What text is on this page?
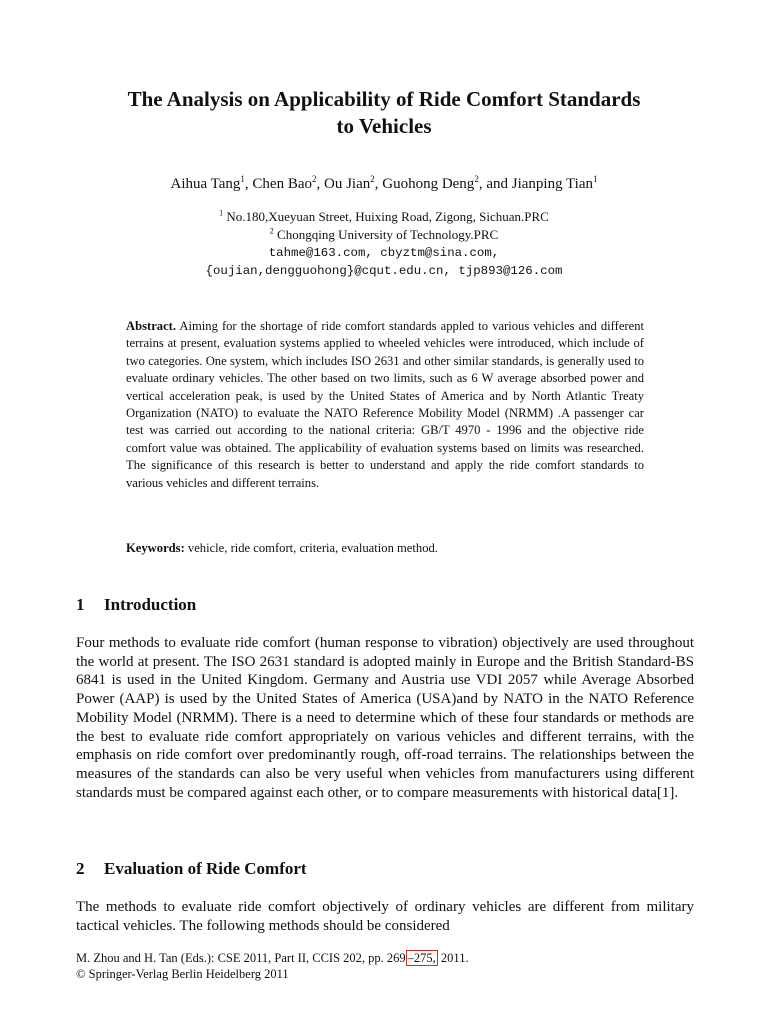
The Analysis on Applicability of Ride Comfort Standards
to Vehicles
Aihua Tang$^1$, Chen Bao$^2$, Ou Jian$^2$, Guohong Deng$^2$, and Jianping Tian$^1$
$^1$ No.180,Xueyuan Street, Huixing Road, Zigong, Sichuan.PRC
$^2$ Chongqing University of Technology.PRC
tahme@163.com, cbyztm@sina.com,
{oujian,dengguohong}@cqut.edu.cn, tjp893@126.com
Abstract. Aiming for the shortage of ride comfort standards appled to various vehicles and different terrains at present, evaluation systems applied to wheeled vehicles were introduced, which include of two categories. One system, which includes ISO 2631 and other similar standards, is generally used to evaluate ordinary vehicles. The other based on two limits, such as 6 W average absorbed power and vertical acceleration peak, is used by the United States of America and by North Atlantic Treaty Organization (NATO) to evaluate the NATO Reference Mobility Model (NRMM) .A passenger car test was carried out according to the national criteria: GB/T 4970 - 1996 and the objective ride comfort value was obtained. The applicability of evaluation systems based on limits was researched. The significance of this research is better to understand and apply the ride comfort standards to various vehicles and different terrains.
Keywords: vehicle, ride comfort, criteria, evaluation method.
1 Introduction
Four methods to evaluate ride comfort (human response to vibration) objectively are used throughout the world at present. The ISO 2631 standard is adopted mainly in Europe and the British Standard-BS 6841 is used in the United Kingdom. Germany and Austria use VDI 2057 while Average Absorbed Power (AAP) is used by the United States of America (USA)and by NATO in the NATO Reference Mobility Model (NRMM). There is a need to determine which of these four standards or methods are the best to evaluate ride comfort appropriately on various vehicles and different terrains, with the emphasis on ride comfort over predominantly rough, off-road terrains. The relationships between the measures of the standards can also be very useful when vehicles from manufacturers using different standards must be compared against each other, or to compare measurements with historical data[1].
2 Evaluation of Ride Comfort
The methods to evaluate ride comfort objectively of ordinary vehicles are different from military tactical vehicles. The following methods should be considered
M. Zhou and H. Tan (Eds.): CSE 2011, Part II, CCIS 202, pp. 269 –275, 2011.
© Springer-Verlag Berlin Heidelberg 2011
